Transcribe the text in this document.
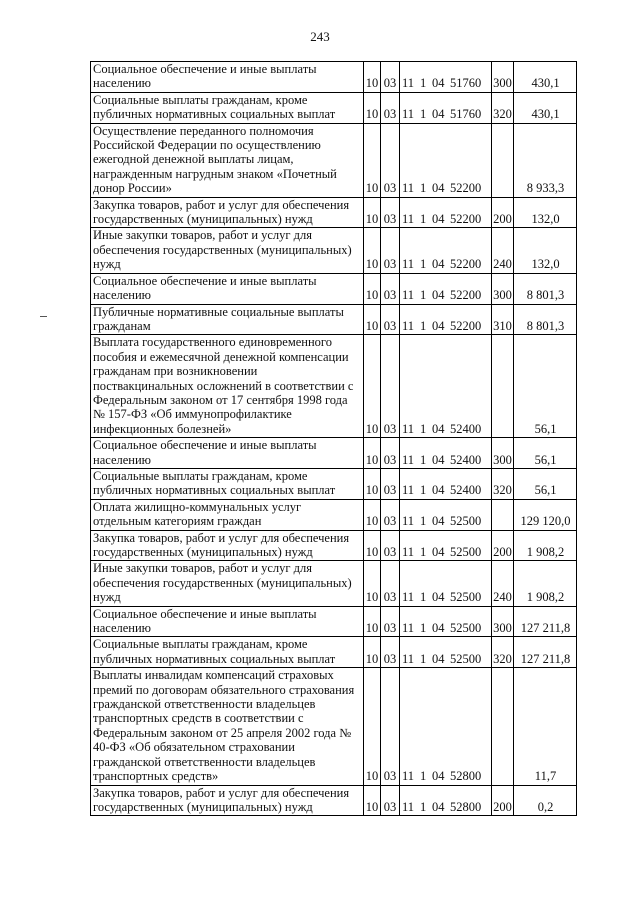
243
Социальное обеспечение и иные выплаты населению	10	03	11 1 04 51760	300	430,1
Социальные выплаты гражданам, кроме публичных нормативных социальных выплат	10	03	11 1 04 51760	320	430,1
Осуществление переданного полномочия Российской Федерации по осуществлению ежегодной денежной выплаты лицам, награжденным нагрудным знаком «Почетный донор России»	10	03	11 1 04 52200		8 933,3
Закупка товаров, работ и услуг для обеспечения государственных (муниципальных) нужд	10	03	11 1 04 52200	200	132,0
Иные закупки товаров, работ и услуг для обеспечения государственных (муниципальных) нужд	10	03	11 1 04 52200	240	132,0
Социальное обеспечение и иные выплаты населению	10	03	11 1 04 52200	300	8 801,3
Публичные нормативные социальные выплаты гражданам	10	03	11 1 04 52200	310	8 801,3
Выплата государственного единовременного пособия и ежемесячной денежной компенсации гражданам при возникновении поствакцинальных осложнений в соответствии с Федеральным законом от 17 сентября 1998 года № 157-ФЗ «Об иммунопрофилактике инфекционных болезней»	10	03	11 1 04 52400		56,1
Социальное обеспечение и иные выплаты населению	10	03	11 1 04 52400	300	56,1
Социальные выплаты гражданам, кроме публичных нормативных социальных выплат	10	03	11 1 04 52400	320	56,1
Оплата жилищно-коммунальных услуг отдельным категориям граждан	10	03	11 1 04 52500		129 120,0
Закупка товаров, работ и услуг для обеспечения государственных (муниципальных) нужд	10	03	11 1 04 52500	200	1 908,2
Иные закупки товаров, работ и услуг для обеспечения государственных (муниципальных) нужд	10	03	11 1 04 52500	240	1 908,2
Социальное обеспечение и иные выплаты населению	10	03	11 1 04 52500	300	127 211,8
Социальные выплаты гражданам, кроме публичных нормативных социальных выплат	10	03	11 1 04 52500	320	127 211,8
Выплаты инвалидам компенсаций страховых премий по договорам обязательного страхования гражданской ответственности владельцев транспортных средств в соответствии с Федеральным законом от 25 апреля 2002 года № 40-ФЗ «Об обязательном страховании гражданской ответственности владельцев транспортных средств»	10	03	11 1 04 52800		11,7
Закупка товаров, работ и услуг для обеспечения государственных (муниципальных) нужд	10	03	11 1 04 52800	200	0,2
